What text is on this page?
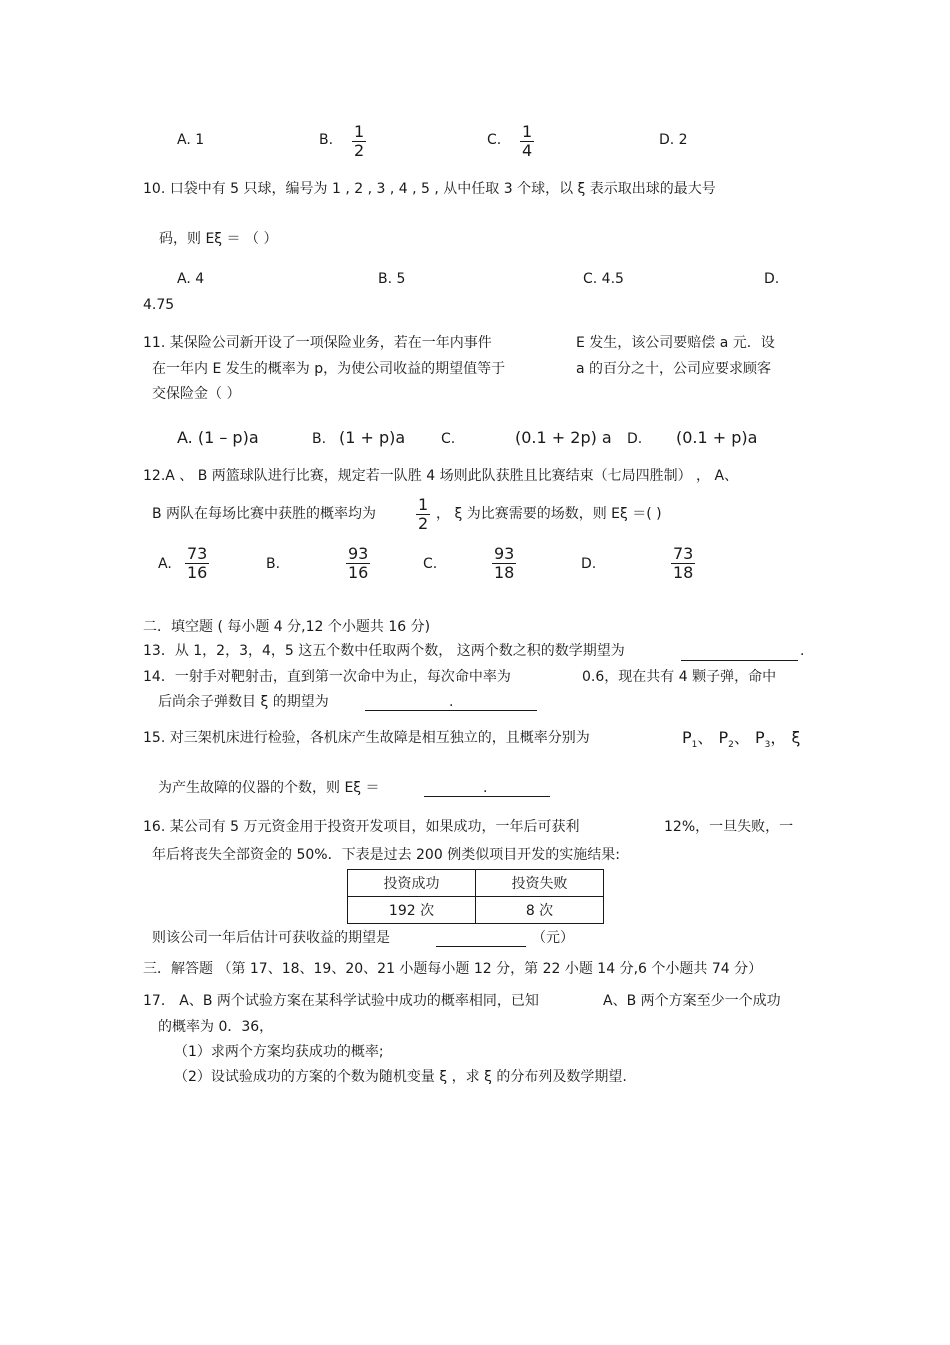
A. 1	B. $\frac{1}{2}$	C. $\frac{1}{4}$	D. 2
10. 口袋中有 5 只球，编号为 1 , 2 , 3 , 4 , 5 , 从中任取 3 个球，以 ξ 表示取出球的最大号
码，则 Eξ ＝ （ ）
A. 4	B. 5	C. 4.5	D.
4.75
11. 某保险公司新开设了一项保险业务，若在一年内事件	E 发生，该公司要赔偿 a 元．设
在一年内 E 发生的概率为 p，为使公司收益的期望值等于	a 的百分之十，公司应要求顾客
交保险金（ ）
A. (1 – p)a	B. (1 + p)a	C.	(0.1 + 2p) a D. (0.1 + p)a
12.A 、 B 两篮球队进行比赛，规定若一队胜 4 场则此队获胜且比赛结束（七局四胜制） ， A、
B 两队在每场比赛中获胜的概率均为 $\frac{1}{2}$ ， ξ 为比赛需要的场数，则 Eξ ＝( )
A. $\frac{73}{16}$	B.	$\frac{93}{16}$	C.	$\frac{93}{18}$	D.	$\frac{73}{18}$
二．填空题 ( 每小题 4 分,12 个小题共 16 分)
13．从 1，2，3，4，5 这五个数中任取两个数， 这两个数之积的数学期望为	.
14．一射手对靶射击，直到第一次命中为止，每次命中率为	0.6，现在共有 4 颗子弹，命中
后尚余子弹数目 ξ 的期望为	.
15. 对三架机床进行检验，各机床产生故障是相互独立的，且概率分别为	$P_1$、 $P_2$、 $P_3$， ξ
为产生故障的仪器的个数，则 Eξ ＝	.
16. 某公司有 5 万元资金用于投资开发项目，如果成功，一年后可获利	12%，一旦失败，一
年后将丧失全部资金的 50%．下表是过去 200 例类似项目开发的实施结果:
投资成功	投资失败
192 次	8 次
则该公司一年后估计可获收益的期望是	（元）
三．解答题 （第 17、18、19、20、21 小题每小题 12 分，第 22 小题 14 分,6 个小题共 74 分）
17． A、B 两个试验方案在某科学试验中成功的概率相同，已知	A、B 两个方案至少一个成功
的概率为 0．36，
（1）求两个方案均获成功的概率;
（2）设试验成功的方案的个数为随机变量 ξ ，求 ξ 的分布列及数学期望.
